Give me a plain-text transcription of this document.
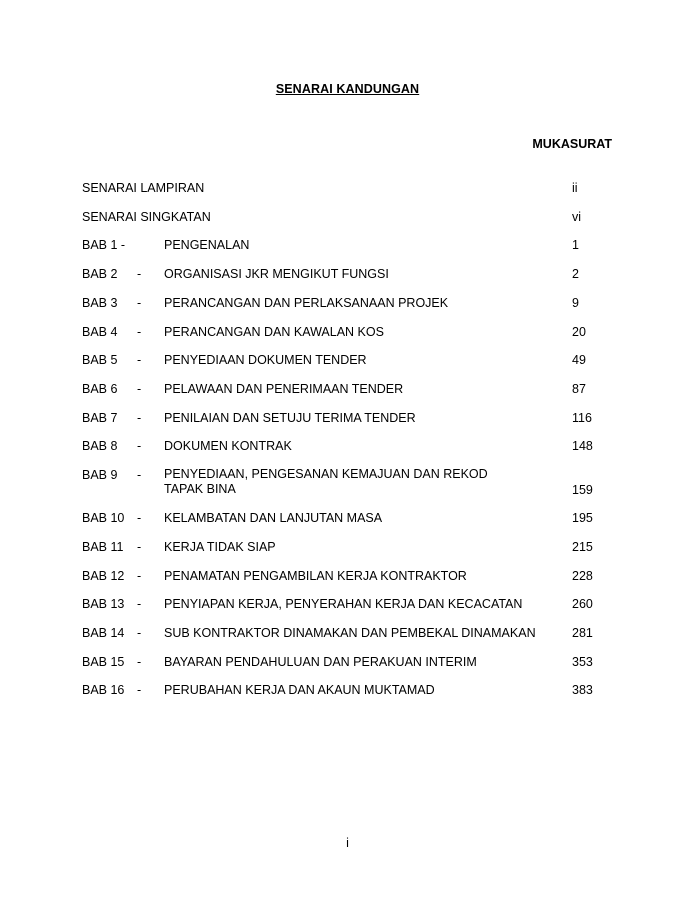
SENARAI KANDUNGAN
MUKASURAT
SENARAI LAMPIRAN	ii
SENARAI SINGKATAN	vi
BAB 1 -	PENGENALAN	1
BAB 2 - ORGANISASI JKR MENGIKUT FUNGSI	2
BAB 3 - PERANCANGAN DAN PERLAKSANAAN PROJEK	9
BAB 4 - PERANCANGAN DAN KAWALAN KOS	20
BAB 5 - PENYEDIAAN DOKUMEN TENDER	49
BAB 6 - PELAWAAN DAN PENERIMAAN TENDER	87
BAB 7 - PENILAIAN DAN SETUJU TERIMA TENDER	116
BAB 8 - DOKUMEN KONTRAK	148
BAB 9 - PENYEDIAAN, PENGESANAN KEMAJUAN DAN REKOD
TAPAK BINA	159
BAB 10 - KELAMBATAN DAN LANJUTAN MASA	195
BAB 11 - KERJA TIDAK SIAP	215
BAB 12 - PENAMATAN PENGAMBILAN KERJA KONTRAKTOR	228
BAB 13 - PENYIAPAN KERJA, PENYERAHAN KERJA DAN KECACATAN	260
BAB 14 - SUB KONTRAKTOR DINAMAKAN DAN PEMBEKAL DINAMAKAN	281
BAB 15 - BAYARAN PENDAHULUAN DAN PERAKUAN INTERIM	353
BAB 16 - PERUBAHAN KERJA DAN AKAUN MUKTAMAD	383
i
